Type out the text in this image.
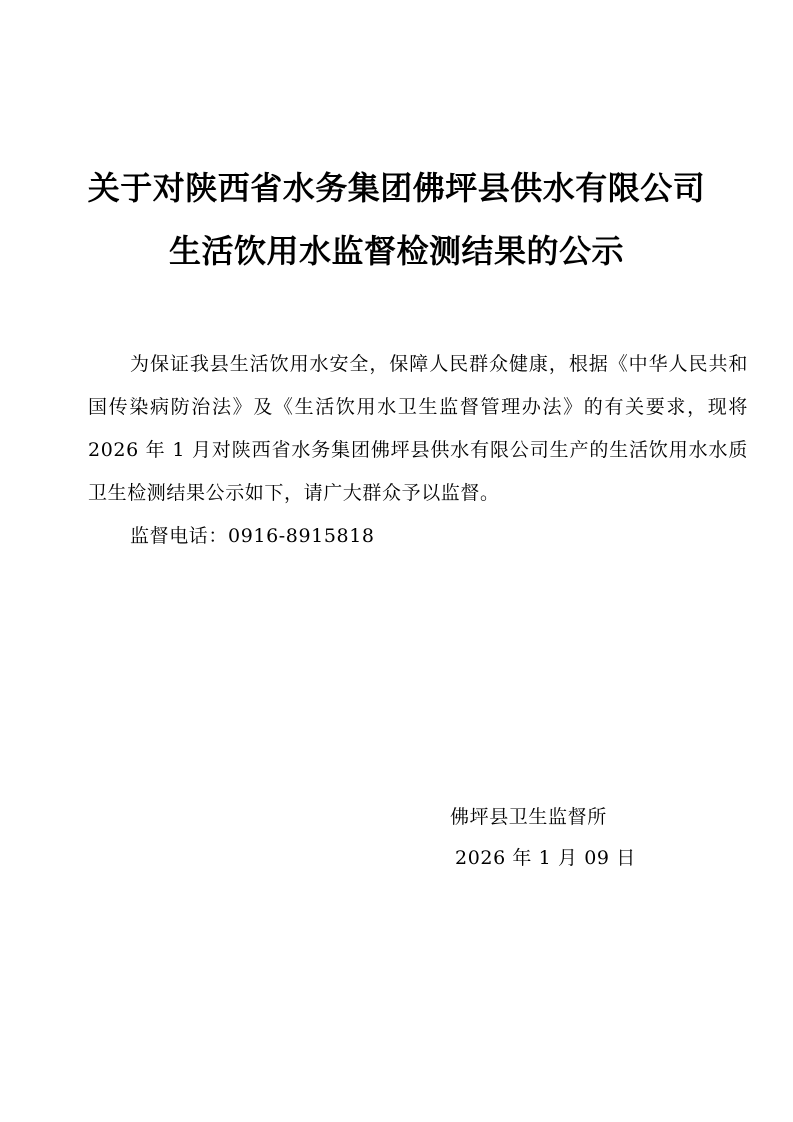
关于对陕西省水务集团佛坪县供水有限公司
生活饮用水监督检测结果的公示
为保证我县生活饮用水安全，保障人民群众健康，根据《中华人民共和国传染病防治法》及《生活饮用水卫生监督管理办法》的有关要求，现将 2026 年 1 月对陕西省水务集团佛坪县供水有限公司生产的生活饮用水水质卫生检测结果公示如下，请广大群众予以监督。
监督电话：0916-8915818
佛坪县卫生监督所
2026 年 1 月 09 日
